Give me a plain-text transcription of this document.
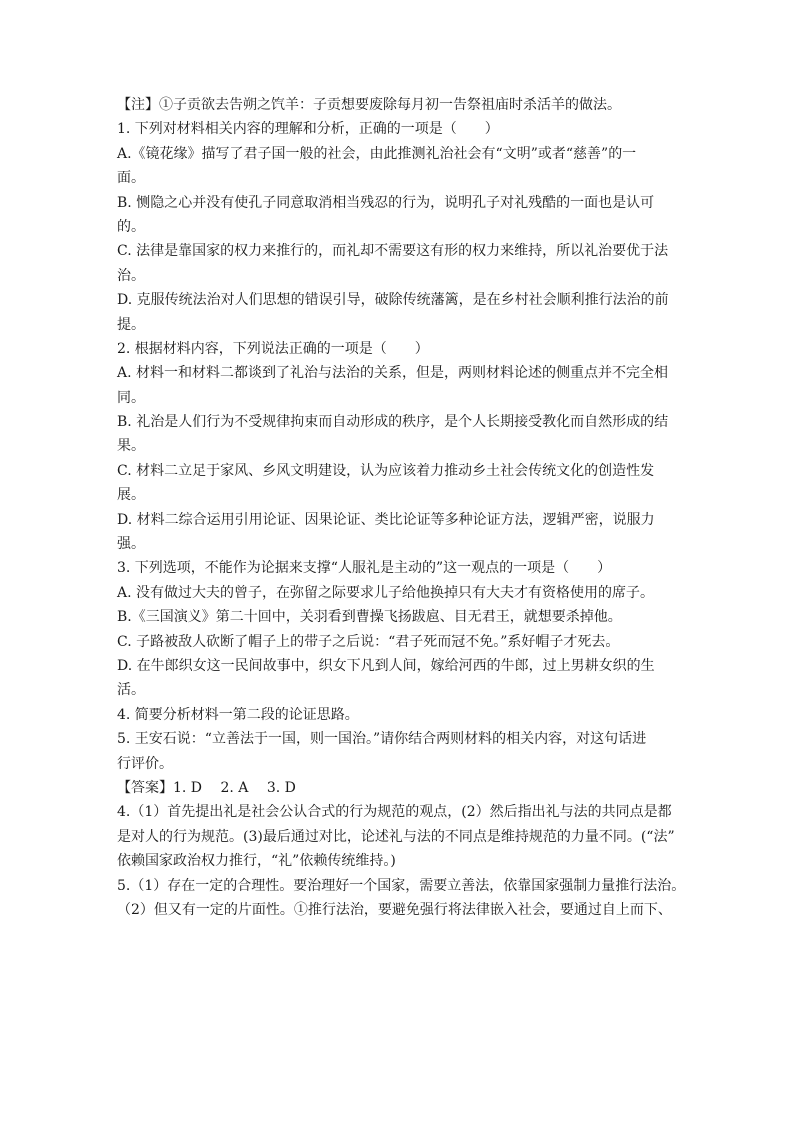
【注】①子贡欲去告朔之饩羊：子贡想要废除每月初一告祭祖庙时杀活羊的做法。
1. 下列对材料相关内容的理解和分析，正确的一项是（　　）
A.《镜花缘》描写了君子国一般的社会，由此推测礼治社会有“文明”或者“慈善”的一
面。
B. 恻隐之心并没有使孔子同意取消相当残忍的行为，说明孔子对礼残酷的一面也是认可
的。
C. 法律是靠国家的权力来推行的，而礼却不需要这有形的权力来维持，所以礼治要优于法
治。
D. 克服传统法治对人们思想的错误引导，破除传统藩篱，是在乡村社会顺利推行法治的前
提。
2. 根据材料内容，下列说法正确的一项是（　　）
A. 材料一和材料二都谈到了礼治与法治的关系，但是，两则材料论述的侧重点并不完全相
同。
B. 礼治是人们行为不受规律拘束而自动形成的秩序，是个人长期接受教化而自然形成的结
果。
C. 材料二立足于家风、乡风文明建设，认为应该着力推动乡土社会传统文化的创造性发
展。
D. 材料二综合运用引用论证、因果论证、类比论证等多种论证方法，逻辑严密，说服力
强。
3. 下列选项，不能作为论据来支撑“人服礼是主动的”这一观点的一项是（　　）
A. 没有做过大夫的曾子，在弥留之际要求儿子给他换掉只有大夫才有资格使用的席子。
B.《三国演义》第二十回中，关羽看到曹操飞扬跋扈、目无君王，就想要杀掉他。
C. 子路被敌人砍断了帽子上的带子之后说：“君子死而冠不免。”系好帽子才死去。
D. 在牛郎织女这一民间故事中，织女下凡到人间，嫁给河西的牛郎，过上男耕女织的生
活。
4. 简要分析材料一第二段的论证思路。
5. 王安石说：“立善法于一国，则一国治。”请你结合两则材料的相关内容，对这句话进
行评价。
【答案】1. D　 2. A　 3. D
4.（1）首先提出礼是社会公认合式的行为规范的观点，(2）然后指出礼与法的共同点是都
是对人的行为规范。(3)最后通过对比，论述礼与法的不同点是维持规范的力量不同。(“法”
依赖国家政治权力推行，“礼”依赖传统维持。)
5.（1）存在一定的合理性。要治理好一个国家，需要立善法，依靠国家强制力量推行法治。
（2）但又有一定的片面性。①推行法治，要避免强行将法律嵌入社会，要通过自上而下、
